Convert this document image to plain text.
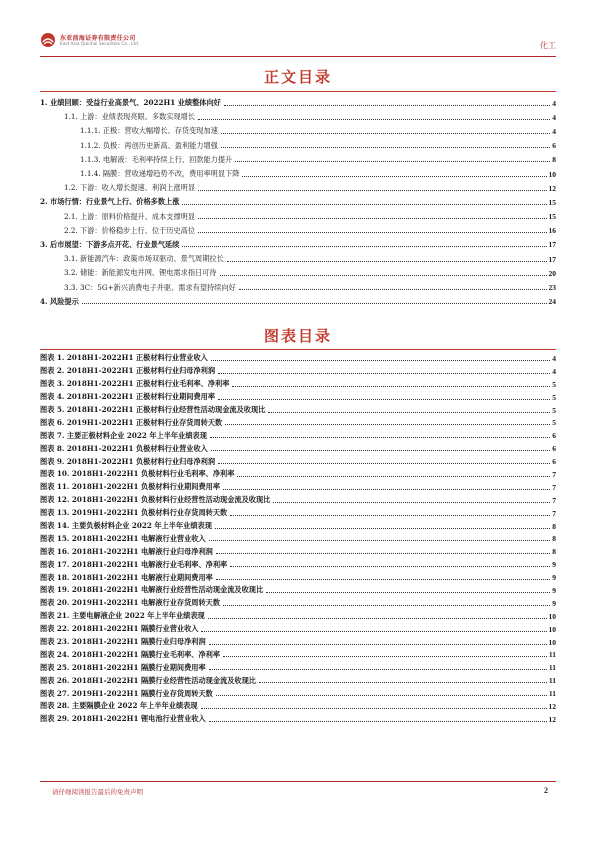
东亚前海证券有限责任公司
East Asia Qianhai Securities Co., Ltd.	化工
正文目录
1. 业绩回顾：受益行业高景气、2022H1 业绩整体向好	4
1.1. 上游：业绩表现亮眼、多数实现增长	4
1.1.1. 正极：营收大幅增长、存货变现加速	4
1.1.2. 负极：再创历史新高、盈利能力增强	6
1.1.3. 电解液：毛利率持续上行、回款能力提升	8
1.1.4. 隔膜：营收递增趋势不改，费用率明显下降	10
1.2. 下游：收入增长提速、利润上涨明显	12
2. 市场行情：行业景气上行、价格多数上涨	15
2.1. 上游：原料价格提升、成本支撑明显	15
2.2. 下游：价格稳步上行、位于历史高位	16
3. 后市展望：下游多点开花、行业景气延续	17
3.1. 新能源汽车：政策市场双驱动、景气周期拉长	17
3.2. 储能：新能源发电并网、锂电需求指日可待	20
3.3. 3C：5G+新兴消费电子并驱、需求有望持续向好	23
4. 风险提示	24
图表目录
图表 1. 2018H1-2022H1 正极材料行业营业收入	4
图表 2. 2018H1-2022H1 正极材料行业归母净利润	4
图表 3. 2018H1-2022H1 正极材料行业毛利率、净利率	5
图表 4. 2018H1-2022H1 正极材料行业期间费用率	5
图表 5. 2018H1-2022H1 正极材料行业经营性活动现金流及收现比	5
图表 6. 2019H1-2022H1 正极材料行业存货周转天数	5
图表 7. 主要正极材料企业 2022 年上半年业绩表现	6
图表 8. 2018H1-2022H1 负极材料行业营业收入	6
图表 9. 2018H1-2022H1 负极材料行业归母净利润	6
图表 10. 2018H1-2022H1 负极材料行业毛利率、净利率	7
图表 11. 2018H1-2022H1 负极材料行业期间费用率	7
图表 12. 2018H1-2022H1 负极材料行业经营性活动现金流及收现比	7
图表 13. 2019H1-2022H1 负极材料行业存货周转天数	7
图表 14. 主要负极材料企业 2022 年上半年业绩表现	8
图表 15. 2018H1-2022H1 电解液行业营业收入	8
图表 16. 2018H1-2022H1 电解液行业归母净利润	8
图表 17. 2018H1-2022H1 电解液行业毛利率、净利率	9
图表 18. 2018H1-2022H1 电解液行业期间费用率	9
图表 19. 2018H1-2022H1 电解液行业经营性活动现金流及收现比	9
图表 20. 2019H1-2022H1 电解液行业存货周转天数	9
图表 21. 主要电解液企业 2022 年上半年业绩表现	10
图表 22. 2018H1-2022H1 隔膜行业营业收入	10
图表 23. 2018H1-2022H1 隔膜行业归母净利润	10
图表 24. 2018H1-2022H1 隔膜行业毛利率、净利率	11
图表 25. 2018H1-2022H1 隔膜行业期间费用率	11
图表 26. 2018H1-2022H1 隔膜行业经营性活动现金流及收现比	11
图表 27. 2019H1-2022H1 隔膜行业存货周转天数	11
图表 28. 主要隔膜企业 2022 年上半年业绩表现	12
图表 29. 2018H1-2022H1 锂电池行业营业收入	12
请仔细阅读报告最后的免责声明	2
